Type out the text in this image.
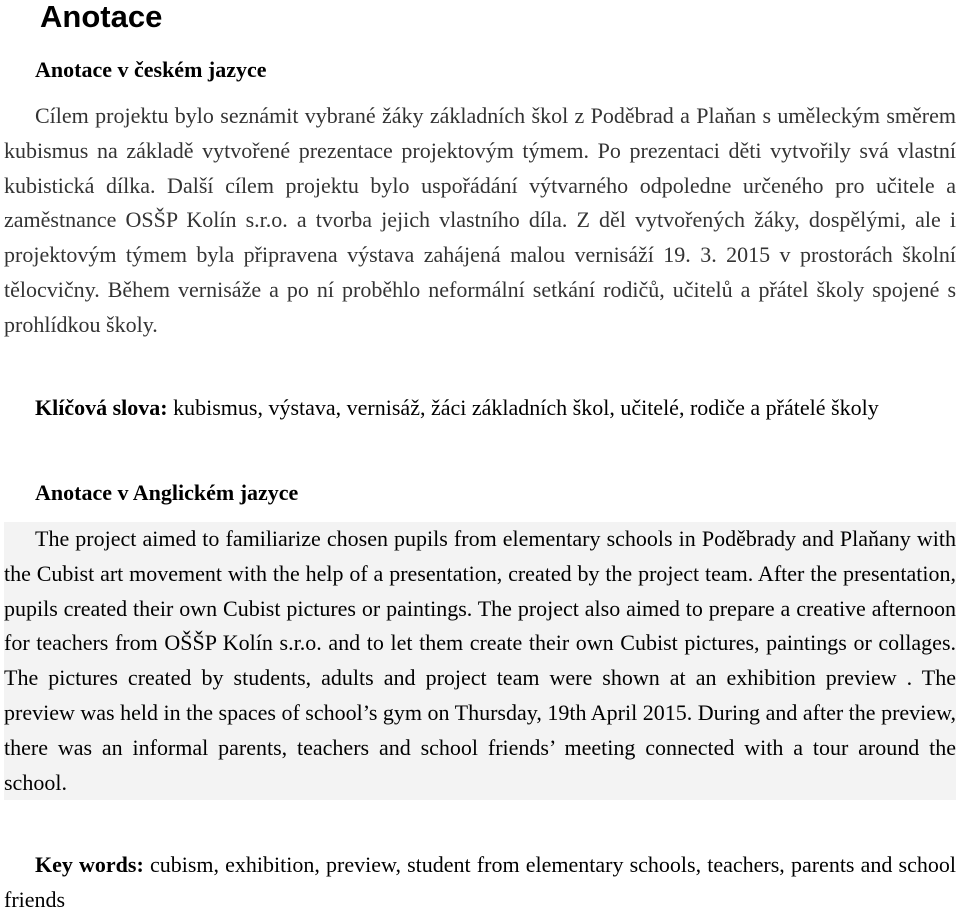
Anotace
Anotace v českém jazyce

Cílem projektu bylo seznámit vybrané žáky základních škol z Poděbrad a Plaňan s uměleckým směrem kubismus na základě vytvořené prezentace projektovým týmem. Po prezentaci děti vytvořily svá vlastní kubistická dílka. Další cílem projektu bylo uspořádání výtvarného odpoledne určeného pro učitele a zaměstnance OSŠP Kolín s.r.o. a tvorba jejich vlastního díla. Z děl vytvořených žáky, dospělými, ale i projektovým týmem byla připravena výstava zahájená malou vernisáží 19. 3. 2015 v prostorách školní tělocvičny. Během vernisáže a po ní proběhlo neformální setkání rodičů, učitelů a přátel školy spojené s prohlídkou školy.

Klíčová slova: kubismus, výstava, vernisáž, žáci základních škol, učitelé, rodiče a přátelé školy

Anotace v Anglickém jazyce

The project aimed to familiarize chosen pupils from elementary schools in Poděbrady and Plaňany with the Cubist art movement with the help of a presentation, created by the project team. After the presentation, pupils created their own Cubist pictures or paintings. The project also aimed to prepare a creative afternoon for teachers from OŠŠP Kolín s.r.o. and to let them create their own Cubist pictures, paintings or collages. The pictures created by students, adults and project team were shown at an exhibition preview . The preview was held in the spaces of school’s gym on Thursday, 19th April 2015. During and after the preview, there was an informal parents, teachers and school friends’ meeting connected with a tour around the school.

Key words: cubism, exhibition, preview, student from elementary schools, teachers, parents and school friends
